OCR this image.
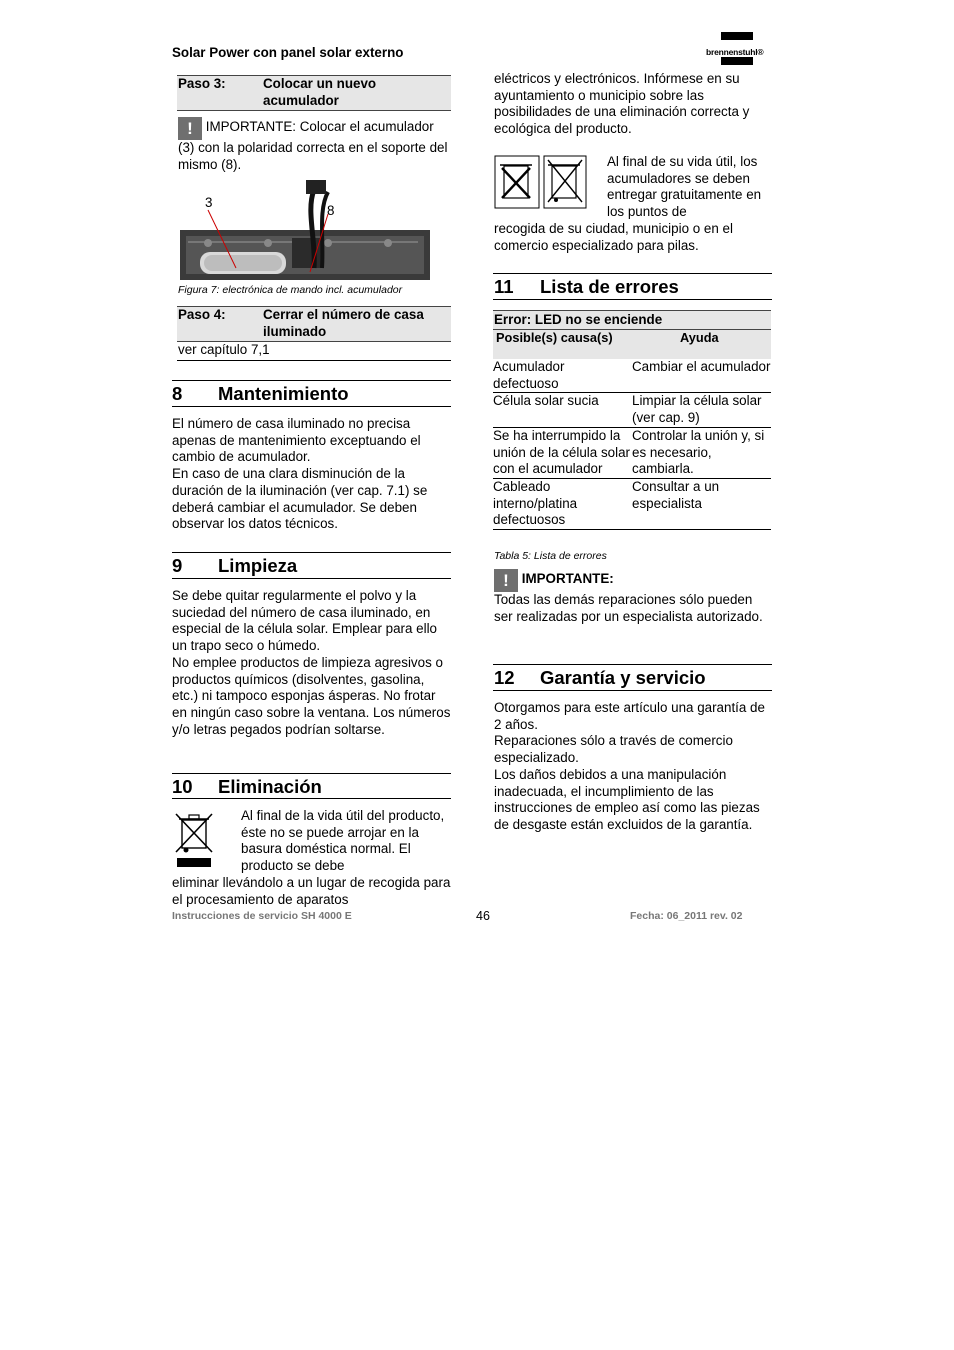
Solar Power con panel solar externo	brennenstuhl®
Paso 3:	Colocar un nuevo acumulador
! IMPORTANTE: Colocar el acumulador (3) con la polaridad correcta en el soporte del mismo (8).
3
8
Figura 7: electrónica de mando incl. acumulador
Paso 4:	Cerrar el número de casa iluminado
ver capítulo 7,1
8 Mantenimiento

El número de casa iluminado no precisa apenas de mantenimiento exceptuando el cambio de acumulador.

En caso de una clara disminución de la duración de la iluminación (ver cap. 7.1) se deberá cambiar el acumulador. Se deben observar los datos técnicos.

9 Limpieza

Se debe quitar regularmente el polvo y la suciedad del número de casa iluminado, en especial de la célula solar. Emplear para ello un trapo seco o húmedo.

No emplee productos de limpieza agresivos o productos químicos (disolventes, gasolina, etc.) ni tampoco esponjas ásperas. No frotar en ningún caso sobre la ventana. Los números y/o letras pegados podrían soltarse.

10 Eliminación
Al final de la vida útil del producto, éste no se puede arrojar en la basura doméstica normal. El producto se debe
eliminar llevándolo a un lugar de recogida para el procesamiento de aparatos
eléctricos y electrónicos. Infórmese en su ayuntamiento o municipio sobre las posibilidades de una eliminación correcta y ecológica del producto.
Al final de su vida útil, los acumuladores se deben entregar gratuitamente en los puntos de
recogida de su ciudad, municipio o en el comercio especializado para pilas.
11 Lista de errores
Error: LED no se enciende
Posible(s) causa(s)	Ayuda
Acumulador defectuoso	Cambiar el acumulador
Célula solar sucia	Limpiar la célula solar (ver cap. 9)
Se ha interrumpido la unión de la célula solar con el acumulador	Controlar la unión y, si es necesario, cambiarla.
Cableado interno/platina defectuosos	Consultar a un especialista
Tabla 5: Lista de errores
! IMPORTANTE:
Todas las demás reparaciones sólo pueden ser realizadas por un especialista autorizado.
12 Garantía y servicio

Otorgamos para este artículo una garantía de 2 años.

Reparaciones sólo a través de comercio especializado.

Los daños debidos a una manipulación inadecuada, el incumplimiento de las instrucciones de empleo así como las piezas de desgaste están excluidos de la garantía.

Instrucciones de servicio SH 4000 E	46	Fecha: 06_2011 rev. 02
